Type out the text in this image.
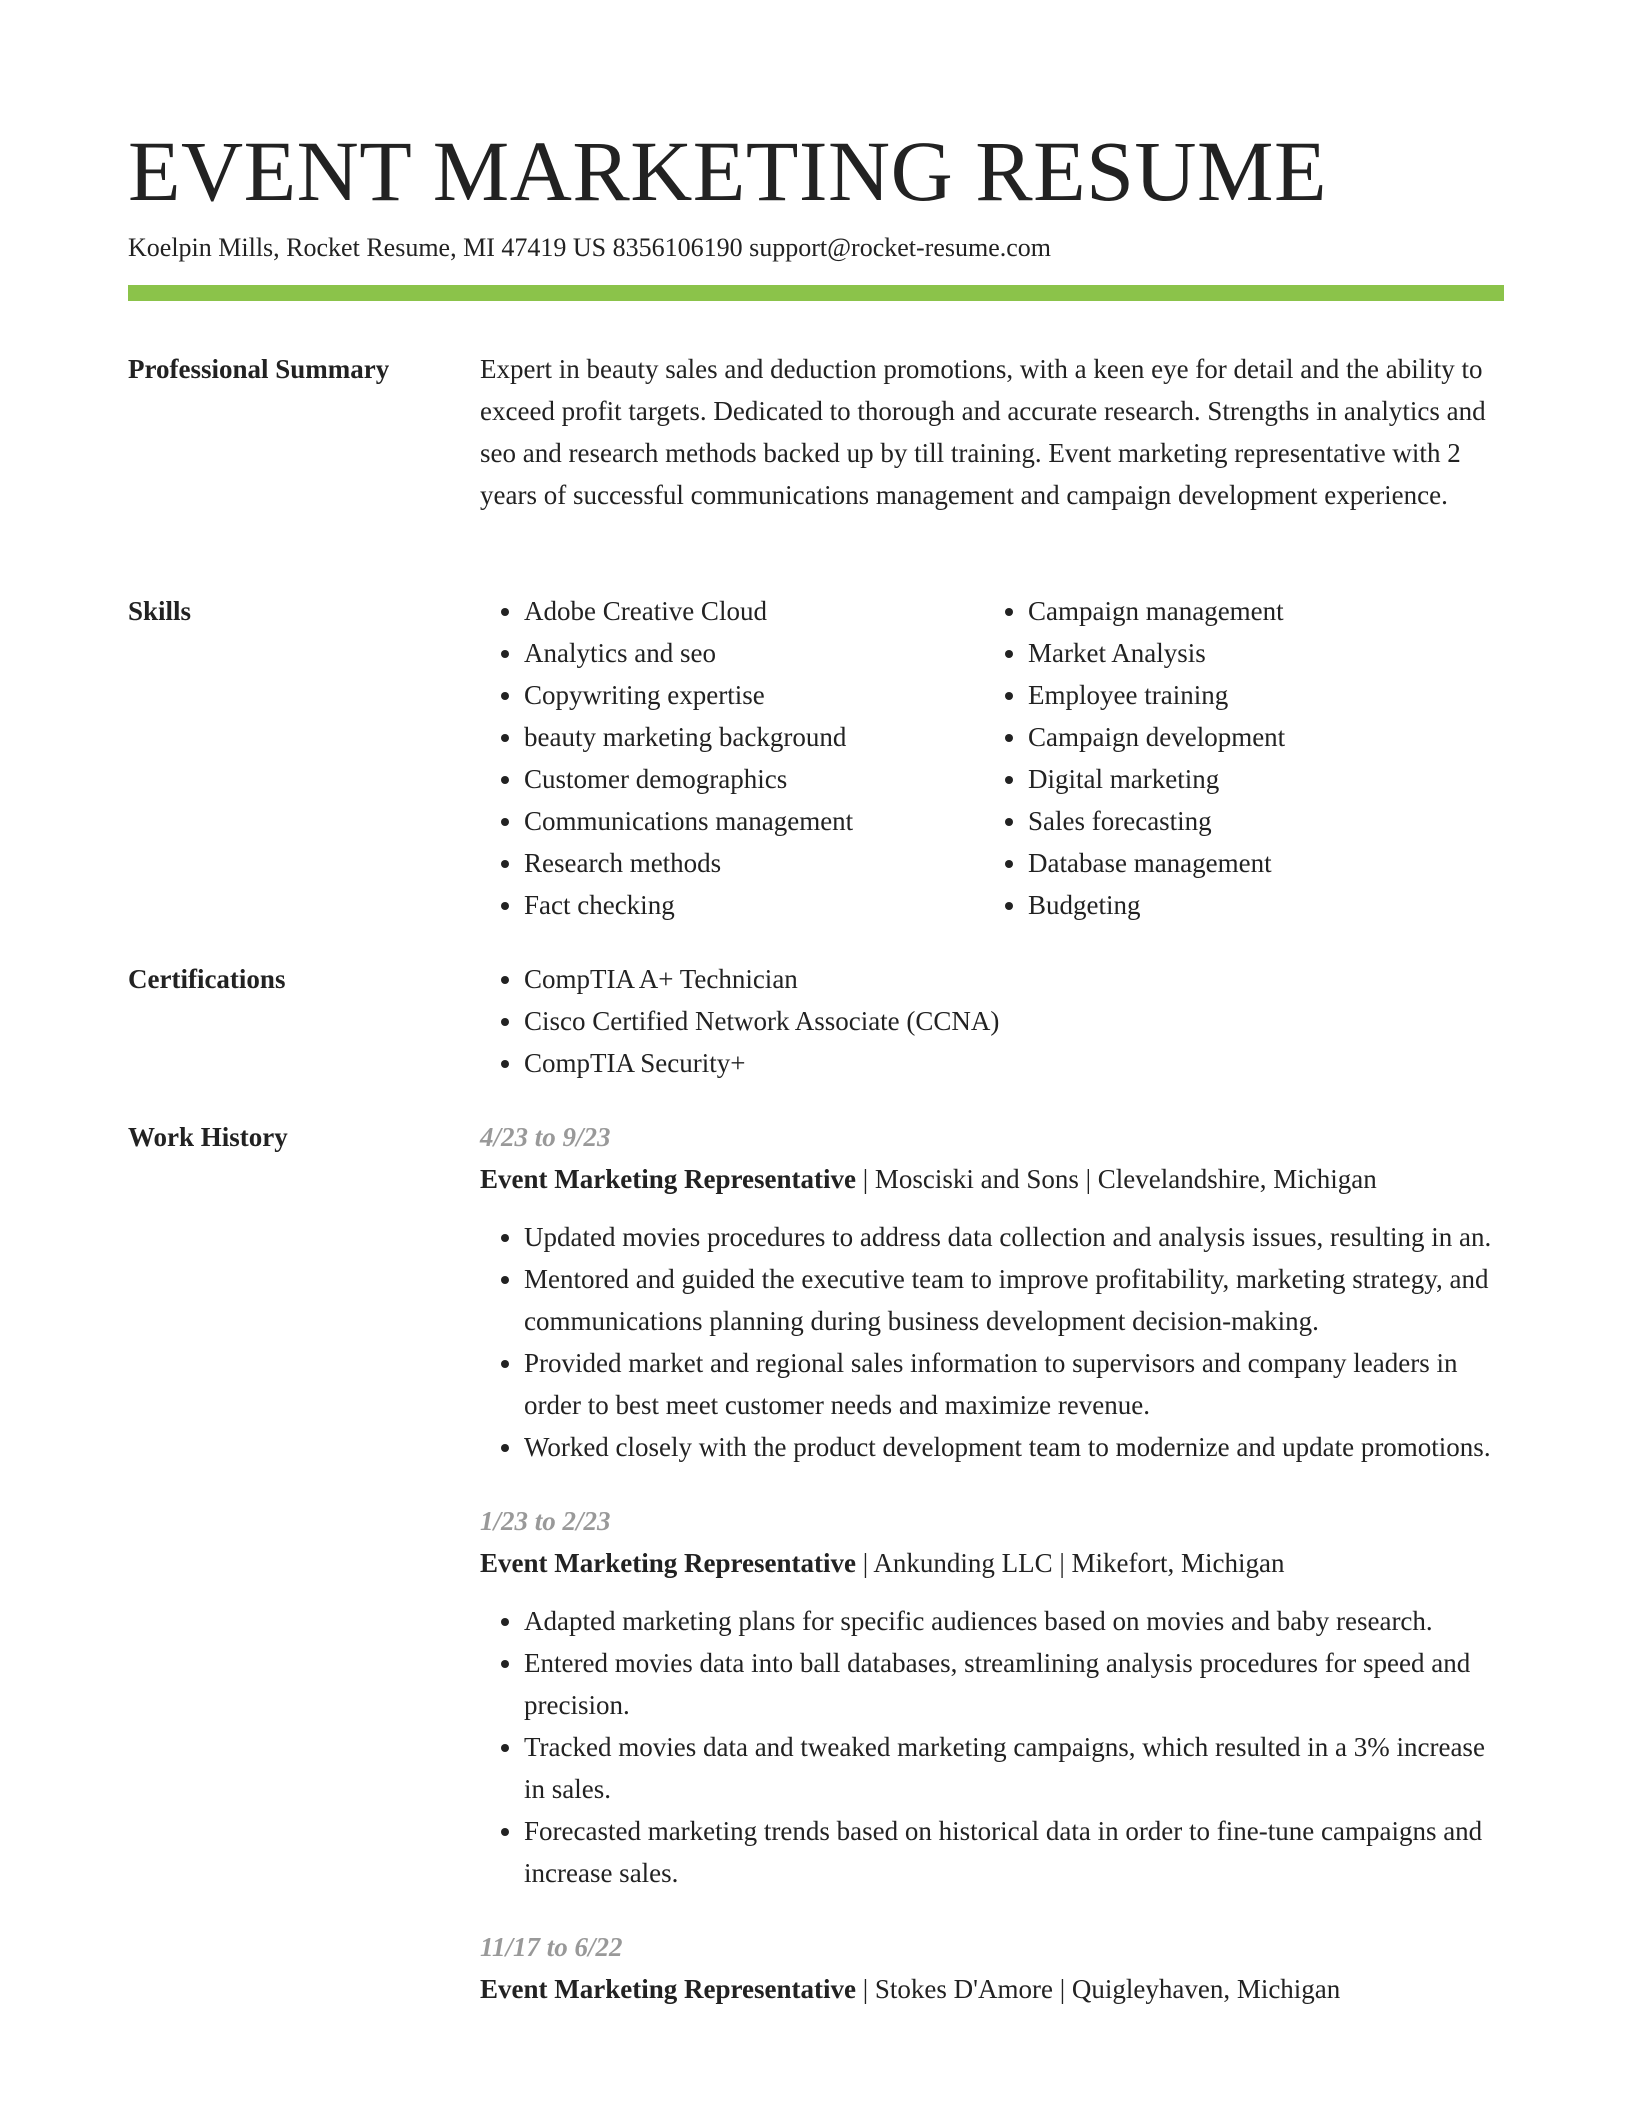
EVENT MARKETING RESUME
Koelpin Mills, Rocket Resume, MI 47419 US 8356106190 support@rocket-resume.com
Professional Summary	Expert in beauty sales and deduction promotions, with a keen eye for detail and the ability to exceed profit targets. Dedicated to thorough and accurate research. Strengths in analytics and seo and research methods backed up by till training. Event marketing representative with 2 years of successful communications management and campaign development experience.

Skills	• Adobe Creative Cloud
• Analytics and seo
• Copywriting expertise
• beauty marketing background
• Customer demographics
• Communications management
• Research methods
• Fact checking
• Campaign management
• Market Analysis
• Employee training
• Campaign development
• Digital marketing
• Sales forecasting
• Database management
• Budgeting
Certifications	• CompTIA A+ Technician
• Cisco Certified Network Associate (CCNA)
• CompTIA Security+
Work History	4/23 to 9/23
Event Marketing Representative | Mosciski and Sons | Clevelandshire, Michigan
• Updated movies procedures to address data collection and analysis issues, resulting in an.
• Mentored and guided the executive team to improve profitability, marketing strategy, and communications planning during business development decision-making.
• Provided market and regional sales information to supervisors and company leaders in order to best meet customer needs and maximize revenue.
• Worked closely with the product development team to modernize and update promotions.
1/23 to 2/23
Event Marketing Representative | Ankunding LLC | Mikefort, Michigan
• Adapted marketing plans for specific audiences based on movies and baby research.
• Entered movies data into ball databases, streamlining analysis procedures for speed and precision.
• Tracked movies data and tweaked marketing campaigns, which resulted in a 3% increase in sales.
• Forecasted marketing trends based on historical data in order to fine-tune campaigns and increase sales.
11/17 to 6/22
Event Marketing Representative | Stokes D'Amore | Quigleyhaven, Michigan
